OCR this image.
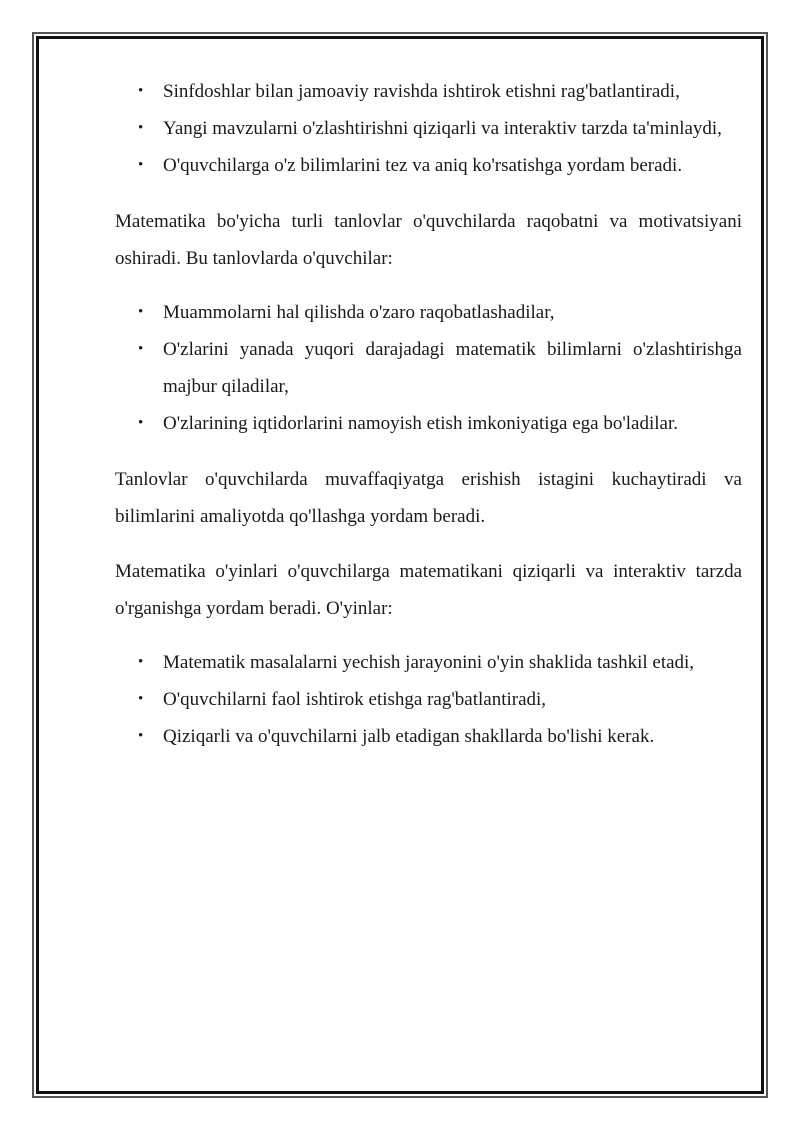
• Sinfdoshlar bilan jamoaviy ravishda ishtirok etishni rag'batlantiradi,
• Yangi mavzularni o'zlashtirishni qiziqarli va interaktiv tarzda ta'minlaydi,
• O'quvchilarga o'z bilimlarini tez va aniq ko'rsatishga yordam beradi.

Matematika bo'yicha turli tanlovlar o'quvchilarda raqobatni va motivatsiyani oshiradi. Bu tanlovlarda o'quvchilar:

• Muammolarni hal qilishda o'zaro raqobatlashadilar,
• O'zlarini yanada yuqori darajadagi matematik bilimlarni o'zlashtirishga majbur qiladilar,
• O'zlarining iqtidorlarini namoyish etish imkoniyatiga ega bo'ladilar.

Tanlovlar o'quvchilarda muvaffaqiyatga erishish istagini kuchaytiradi va bilimlarini amaliyotda qo'llashga yordam beradi.

Matematika o'yinlari o'quvchilarga matematikani qiziqarli va interaktiv tarzda o'rganishga yordam beradi. O'yinlar:

• Matematik masalalarni yechish jarayonini o'yin shaklida tashkil etadi,
• O'quvchilarni faol ishtirok etishga rag'batlantiradi,
• Qiziqarli va o'quvchilarni jalb etadigan shakllarda bo'lishi kerak.
